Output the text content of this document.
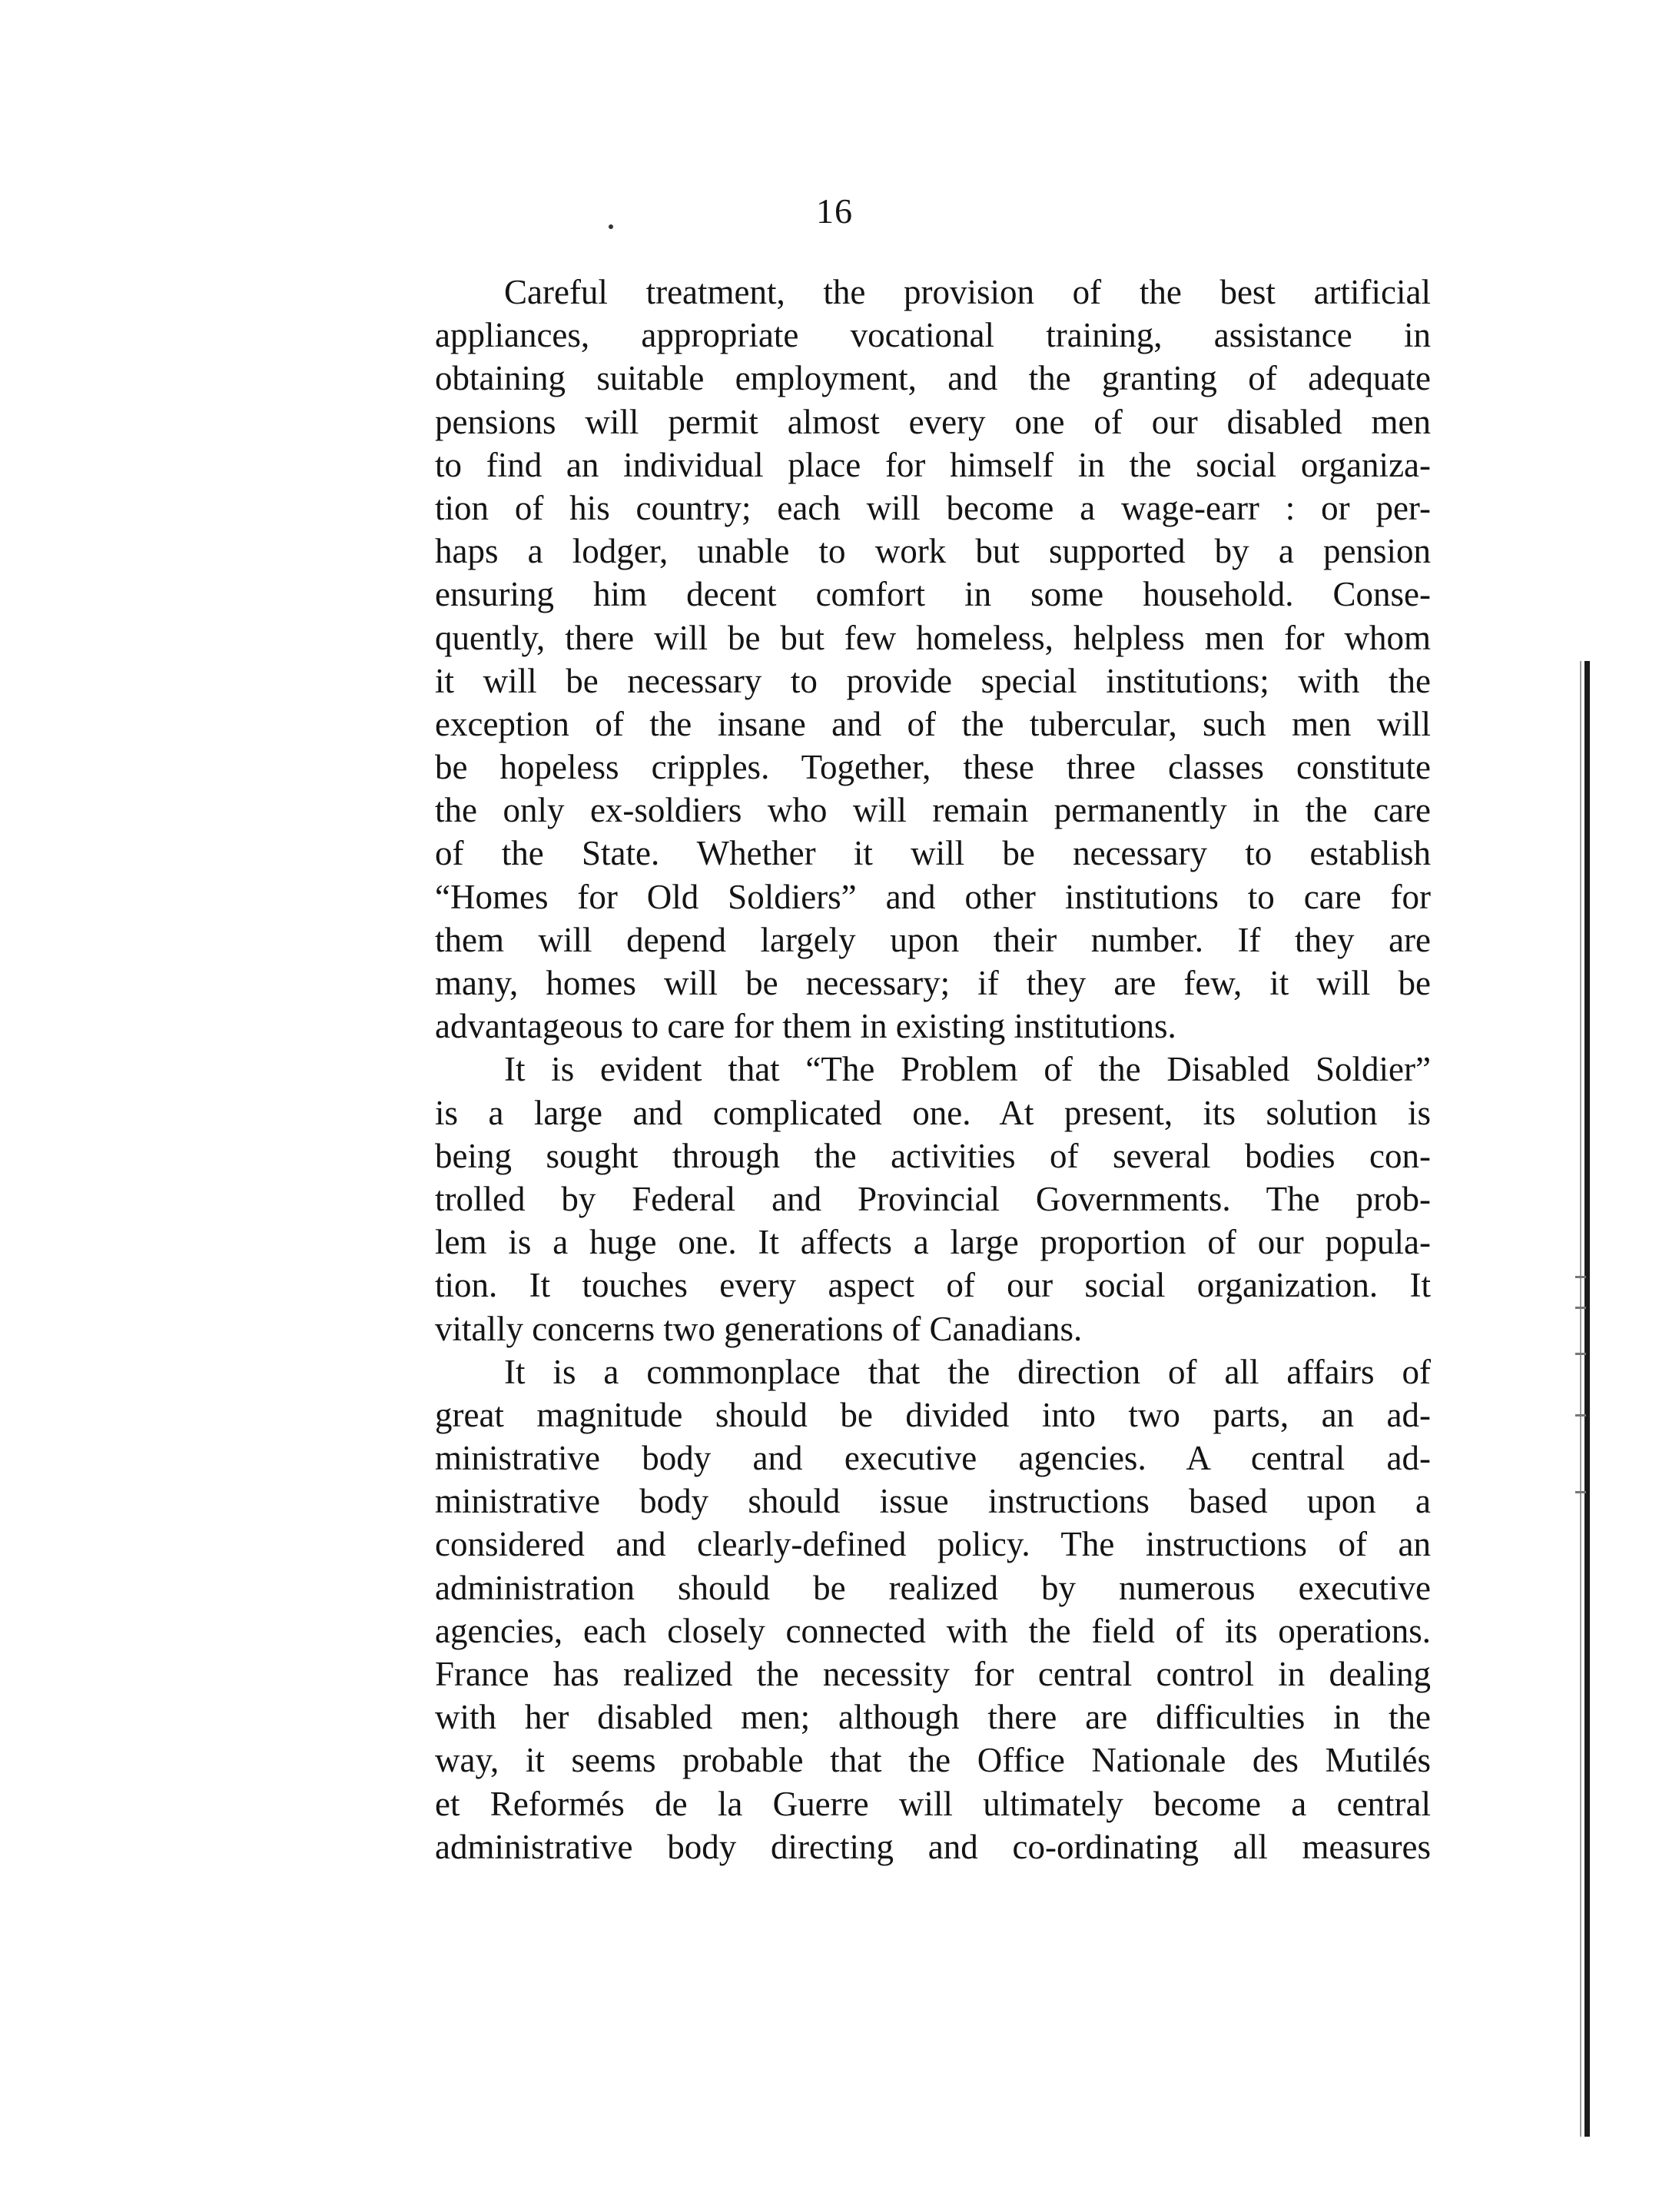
16
Careful treatment, the provision of the best artificial
appliances, appropriate vocational training, assistance in
obtaining suitable employment, and the granting of adequate
pensions will permit almost every one of our disabled men
to find an individual place for himself in the social organiza-
tion of his country; each will become a wage-earr : or per-
haps a lodger, unable to work but supported by a pension
ensuring him decent comfort in some household. Conse-
quently, there will be but few homeless, helpless men for whom
it will be necessary to provide special institutions; with the
exception of the insane and of the tubercular, such men will
be hopeless cripples. Together, these three classes constitute
the only ex-soldiers who will remain permanently in the care
of the State. Whether it will be necessary to establish
“Homes for Old Soldiers” and other institutions to care for
them will depend largely upon their number. If they are
many, homes will be necessary; if they are few, it will be
advantageous to care for them in existing institutions.
It is evident that “The Problem of the Disabled Soldier”
is a large and complicated one. At present, its solution is
being sought through the activities of several bodies con-
trolled by Federal and Provincial Governments. The prob-
lem is a huge one. It affects a large proportion of our popula-
tion. It touches every aspect of our social organization. It
vitally concerns two generations of Canadians.
It is a commonplace that the direction of all affairs of
great magnitude should be divided into two parts, an ad-
ministrative body and executive agencies. A central ad-
ministrative body should issue instructions based upon a
considered and clearly-defined policy. The instructions of an
administration should be realized by numerous executive
agencies, each closely connected with the field of its operations.
France has realized the necessity for central control in dealing
with her disabled men; although there are difficulties in the
way, it seems probable that the Office Nationale des Mutilés
et Reformés de la Guerre will ultimately become a central
administrative body directing and co-ordinating all measures
